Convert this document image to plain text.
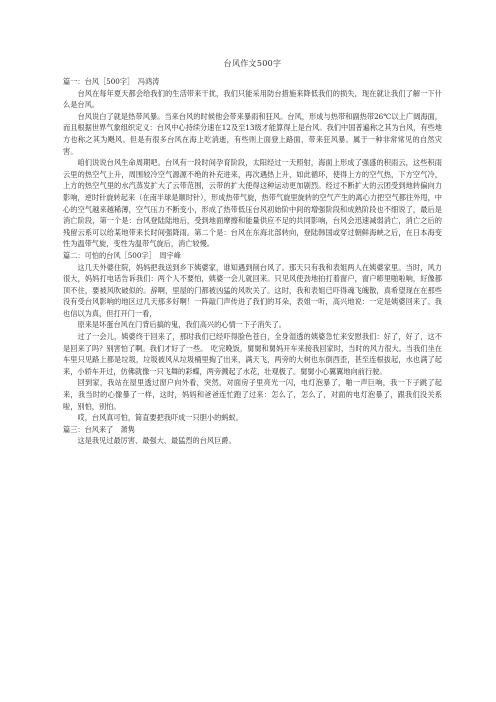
台风作文500字

篇一：台风［500字］　冯鸿涛

台风在每年夏天都会给我们的生活带来干扰，我们只能采用防台措施来降低我们的损失，现在就让我们了解一下什么是台风。

台风说白了就是热带风暴。当来台风的时候他会带来暴雨和狂风。台风，形成与热带和副热带26℃以上广阔海面，而且根据世界气象组织定义：台风中心持续分速在12及至13级才能算得上是台风。我们中国普遍称之其为台风，有些地方也称之其为飓风。但是有很多台风在海上吃消逝，有些则上面登上路面，带来狂风暴。属于一种非常常见的自然灾害。

咱们说说台风生命周期吧。台风有一段时间孕育阶段，太阳经过一天照射，海面上形成了强盛的积雨云，这些积雨云里的热空气上升，周围较冷空气源源不绝的补充进来，再次遇热上升，如此循环，使得上方的空气热，下方空气冷，上方的热空气里的水汽蒸发扩大了云带范围，云带的扩大使得这种运动更加剧烈。经过不断扩大的云团受到地转偏向力影响，逆时针旋转起来（在南半球是顺时针），形成热带气旋，热带气旋里旋转的空气产生的离心力把空气都往外甩，中心的空气越来越稀薄，空气压力不断变小，形成了热带低压台风初始阶中间的增强阶段和成熟阶段也不细说了，最后是消亡阶段，第一个是：台风登陆陆地后，受到地面摩擦和能量供应不足的共同影响，台风会迅速减弱消亡，消亡之后的残留云系可以给某地带来长时间强降雨。第二个是：台风在东海北部转向，登陆韩国或穿过朝鲜海峡之后，在日本海变性为温带气旋，变性为温带气旋后，消亡较慢。

篇二：可怕的台风［500字］　周宇峰

这几天外婆住院，妈妈把我送到乡下姨婆家，谁知遇到削台风了。那天只有我和表姐两人在姨婆家里。当时，风力很大，妈妈打电话告诉我们：两个人不要怕，姨婆一会儿就回来。只见风使劲地拍打着窗户，窗户嘭里啪啦响，好像都顶不住，要被风吹破似的。辞啊，里屋的门都被凶猛的风吹关了。这时，我和表姐已吓得魂飞魄散，真希望现在在那些没有受台风影响的地区过几天那多好啊！一阵敲门声传进了我们的耳朵，表姐一听，高兴地说：一定是姨婆回来了。我也信以为真，但打开门一看，

原来是坏蛋台风在门背后搞的鬼，我们高兴的心情一下子消失了。

过了一会儿，姨婆终于回来了，那时我们已经吓得脸色苍白，全身湿透的姨婆急忙来安慰我们：好了，好了，这不是回来了吗？别害怕了啊。我们才好了一些。　吃完晚饭，舅舅和舅妈开车来接我回家时，当时的风力很大。当我们坐在车里只见路上都是垃圾，垃圾被风从垃圾桶里掏了出来，满天飞，两旁的大树也东倒西歪，甚至连根拔起，水也满了起来，小轿车开过，仿佛就像一只飞舞的彩蝶，两旁溅起了水花，壮观极了。舅舅小心翼翼地向前行驶。

回到家，我站在屋里透过窗户向外看，突然，对面房子里亮光一闪，电灯泡暴了，啪一声巨响，我一下子跳了起来，我当时的心像暴了一样，这时，妈妈和爸爸连忙跑了过来：怎么了，怎么了，对面的电灯泡暴了，跟我们没关系啦，别怕，别怕。

哎，台风真可怕，简直要把我吓成一只胆小的蚂蚁。

篇三：台风来了　萧隽

这是我见过最厉害、最强大、最猛烈的台风巨爵。
